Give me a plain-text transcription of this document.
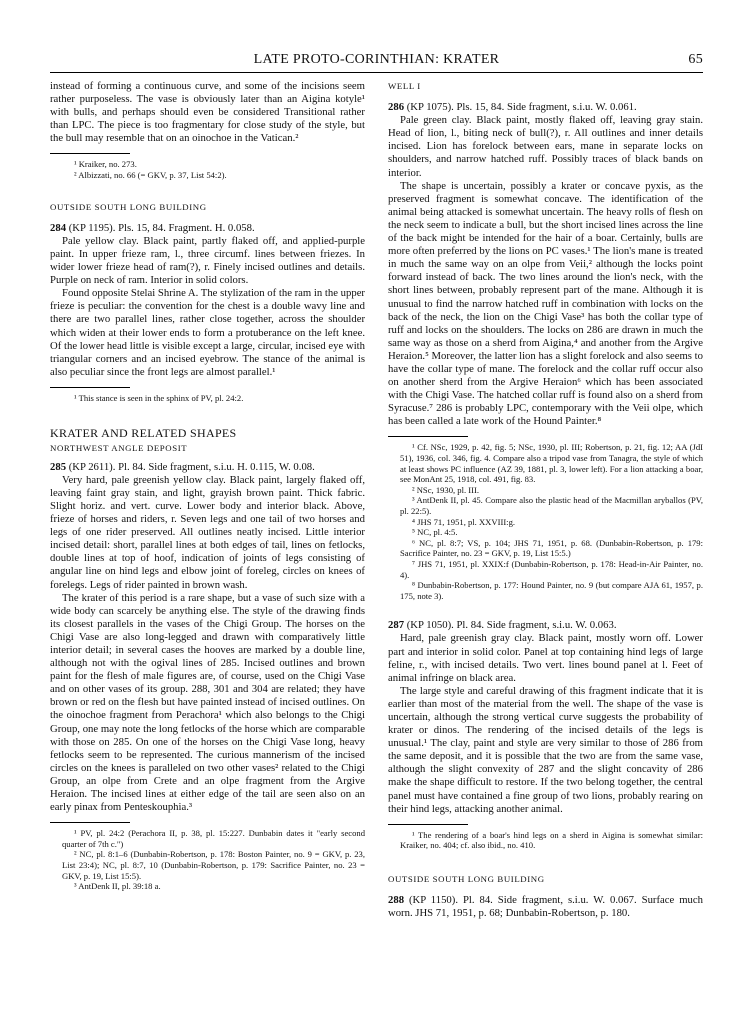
LATE PROTO-CORINTHIAN: KRATER	65

instead of forming a continuous curve, and some of the incisions seem rather purposeless. The vase is obviously later than an Aigina kotyle¹ with bulls, and perhaps should even be considered Transitional rather than LPC. The piece is too fragmentary for close study of the style, but the bull may resemble that on an oinochoe in the Vatican.²

¹ Kraiker, no. 273.

² Albizzati, no. 66 (= GKV, p. 37, List 54:2).

OUTSIDE SOUTH LONG BUILDING

284 (KP 1195). Pls. 15, 84. Fragment. H. 0.058.

Pale yellow clay. Black paint, partly flaked off, and applied-purple paint. In upper frieze ram, l., three circumf. lines between friezes. In wider lower frieze head of ram(?), r. Finely incised outlines and details. Purple on neck of ram. Interior in solid colors.

Found opposite Stelai Shrine A. The stylization of the ram in the upper frieze is peculiar: the convention for the chest is a double wavy line and there are two parallel lines, rather close together, across the shoulder which widen at their lower ends to form a protuberance on the left knee. Of the lower head little is visible except a large, circular, incised eye with triangular corners and an incised eyebrow. The stance of the animal is also peculiar since the front legs are almost parallel.¹

¹ This stance is seen in the sphinx of PV, pl. 24:2.

KRATER AND RELATED SHAPES
NORTHWEST ANGLE DEPOSIT

285 (KP 2611). Pl. 84. Side fragment, s.i.u. H. 0.115, W. 0.08.

Very hard, pale greenish yellow clay. Black paint, largely flaked off, leaving faint gray stain, and light, grayish brown paint. Thick fabric. Slight horiz. and vert. curve. Lower body and interior black. Above, frieze of horses and riders, r. Seven legs and one tail of two horses and legs of one rider preserved. All outlines neatly incised. Little interior incised detail: short, parallel lines at both edges of tail, lines on fetlocks, double lines at top of hoof, indication of joints of legs consisting of angular line on hind legs and elbow joint of foreleg, circles on knees of forelegs. Legs of rider painted in brown wash.

The krater of this period is a rare shape, but a vase of such size with a wide body can scarcely be anything else. The style of the drawing finds its closest parallels in the vases of the Chigi Group. The horses on the Chigi Vase are also long-legged and drawn with comparatively little interior detail; in several cases the hooves are marked by a double line, although not with the ogival lines of 285. Incised outlines and brown paint for the flesh of male figures are, of course, used on the Chigi Vase and on other vases of its group. 288, 301 and 304 are related; they have brown or red on the flesh but have painted instead of incised outlines. On the oinochoe fragment from Perachora¹ which also belongs to the Chigi Group, one may note the long fetlocks of the horse which are comparable with those on 285. On one of the horses on the Chigi Vase long, heavy fetlocks seem to be represented. The curious mannerism of the incised circles on the knees is paralleled on two other vases² related to the Chigi Group, an olpe from Crete and an olpe fragment from the Argive Heraion. The incised lines at either edge of the tail are seen also on an early pinax from Penteskouphia.³

¹ PV, pl. 24:2 (Perachora II, p. 38, pl. 15:227. Dunbabin dates it "early second quarter of 7th c.")

² NC, pl. 8:1–6 (Dunbabin-Robertson, p. 178: Boston Painter, no. 9 = GKV, p. 23, List 23:4); NC, pl. 8:7, 10 (Dunbabin-Robertson, p. 179: Sacrifice Painter, no. 23 = GKV, p. 19, List 15:5).

³ AntDenk II, pl. 39:18 a.

WELL I

286 (KP 1075). Pls. 15, 84. Side fragment, s.i.u. W. 0.061.

Pale green clay. Black paint, mostly flaked off, leaving gray stain. Head of lion, l., biting neck of bull(?), r. All outlines and inner details incised. Lion has forelock between ears, mane in separate locks on shoulders, and narrow hatched ruff. Possibly traces of black bands on interior.

The shape is uncertain, possibly a krater or concave pyxis, as the preserved fragment is somewhat concave. The identification of the animal being attacked is somewhat uncertain. The heavy rolls of flesh on the neck seem to indicate a bull, but the short incised lines across the line of the back might be intended for the hair of a boar. Certainly, bulls are more often preferred by the lions on PC vases.¹ The lion's mane is treated in much the same way on an olpe from Veii,² although the locks point forward instead of back. The two lines around the lion's neck, with the short lines between, probably represent part of the mane. Although it is unusual to find the narrow hatched ruff in combination with locks on the back of the neck, the lion on the Chigi Vase³ has both the collar type of ruff and locks on the shoulders. The locks on 286 are drawn in much the same way as those on a sherd from Aigina,⁴ and another from the Argive Heraion.⁵ Moreover, the latter lion has a slight forelock and also seems to have the collar type of mane. The forelock and the collar ruff occur also on another sherd from the Argive Heraion⁶ which has been associated with the Chigi Vase. The hatched collar ruff is found also on a sherd from Syracuse.⁷ 286 is probably LPC, contemporary with the Veii olpe, which has been called a late work of the Hound Painter.⁸

¹ Cf. NSc, 1929, p. 42, fig. 5; NSc, 1930, pl. III; Robertson, p. 21, fig. 12; AA (JdI 51), 1936, col. 346, fig. 4. Compare also a tripod vase from Tanagra, the style of which at least shows PC influence (AZ 39, 1881, pl. 3, lower left). For a lion attacking a boar, see MonAnt 25, 1918, col. 491, fig. 83.

² NSc, 1930, pl. III.

³ AntDenk II, pl. 45. Compare also the plastic head of the Macmillan aryballos (PV, pl. 22:5).

⁴ JHS 71, 1951, pl. XXVIII:g.

⁵ NC, pl. 4:5.

⁶ NC, pl. 8:7; VS, p. 104; JHS 71, 1951, p. 68. (Dunbabin-Robertson, p. 179: Sacrifice Painter, no. 23 = GKV, p. 19, List 15:5.)

⁷ JHS 71, 1951, pl. XXIX:f (Dunbabin-Robertson, p. 178: Head-in-Air Painter, no. 4).

⁸ Dunbabin-Robertson, p. 177: Hound Painter, no. 9 (but compare AJA 61, 1957, p. 175, note 3).

287 (KP 1050). Pl. 84. Side fragment, s.i.u. W. 0.063.

Hard, pale greenish gray clay. Black paint, mostly worn off. Lower part and interior in solid color. Panel at top containing hind legs of large feline, r., with incised details. Two vert. lines bound panel at l. Feet of animal infringe on black area.

The large style and careful drawing of this fragment indicate that it is earlier than most of the material from the well. The shape of the vase is uncertain, although the strong vertical curve suggests the probability of krater or dinos. The rendering of the incised details of the legs is unusual.¹ The clay, paint and style are very similar to those of 286 from the same deposit, and it is possible that the two are from the same vase, although the slight convexity of 287 and the slight concavity of 286 make the shape difficult to restore. If the two belong together, the central panel must have contained a fine group of two lions, probably rearing on their hind legs, attacking another animal.

¹ The rendering of a boar's hind legs on a sherd in Aigina is somewhat similar: Kraiker, no. 404; cf. also ibid., no. 410.

OUTSIDE SOUTH LONG BUILDING

288 (KP 1150). Pl. 84. Side fragment, s.i.u. W. 0.067. Surface much worn. JHS 71, 1951, p. 68; Dunbabin-Robertson, p. 180.
